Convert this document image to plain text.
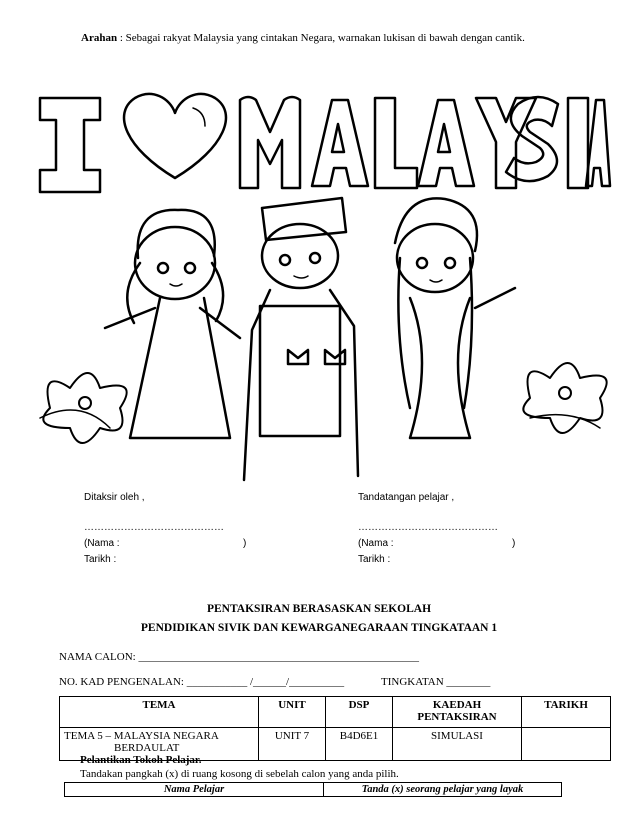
Arahan : Sebagai rakyat Malaysia yang cintakan Negara, warnakan lukisan di bawah dengan cantik.
I ♥ MALAYSIA
Ditaksir oleh ,
……………………………………
(Nama :	)
Tarikh :
Tandatangan pelajar ,
……………………………………
(Nama :	)
Tarikh :
PENTAKSIRAN BERASASKAN SEKOLAH
PENDIDIKAN SIVIK DAN KEWARGANEGARAAN TINGKATAAN 1
NAMA CALON: ___________________________________________________
NO. KAD PENGENALAN: ___________ /______/__________	TINGKATAN ________
TEMA	UNIT	DSP	KAEDAH PENTAKSIRAN	TARIKH

TEMA 5 – MALAYSIA NEGARA
BERDAULAT	UNIT 7	B4D6E1	SIMULASI	
Pelantikan Tokoh Pelajar.
Tandakan pangkah (x) di ruang kosong di sebelah calon yang anda pilih.
Nama Pelajar	Tanda (x) seorang pelajar yang layak
